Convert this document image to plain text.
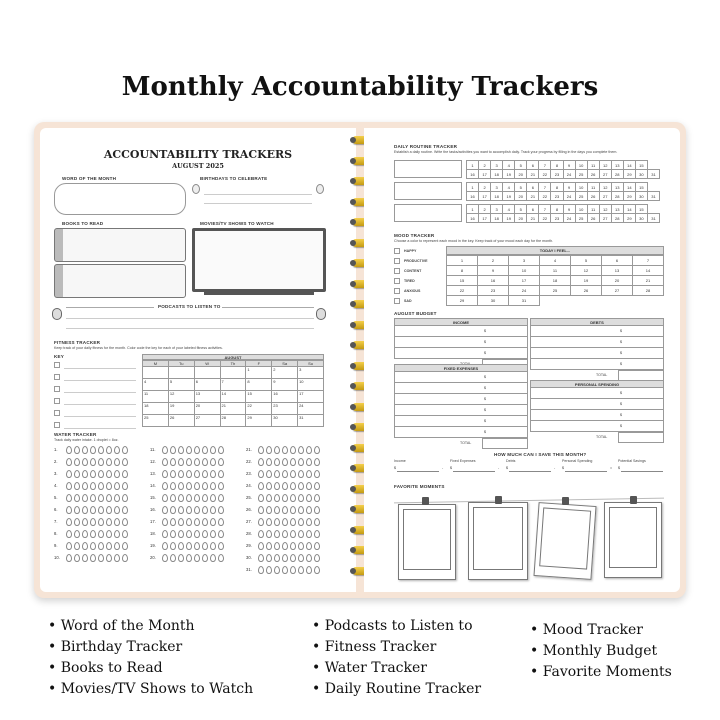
Monthly Accountability Trackers
ACCOUNTABILITY TRACKERS
AUGUST 2025
WORD OF THE MONTH	BIRTHDAYS TO CELEBRATE
BOOKS TO READ	MOVIES/TV SHOWS TO WATCH
PODCASTS TO LISTEN TO
FITNESS TRACKER
Keep track of your daily fitness for the month. Color code the key for each of your labeled fitness activities.
KEY	AUGUST
M	Tu	W	Th	F	Sa	Su
				1	2	3
4	5	6	7	8	9	10
11	12	13	14	15	16	17
18	19	20	21	22	23	24
25	26	27	28	29	30	31
WATER TRACKER
Track daily water intake. 1 droplet = 8oz.
1.
2.
3.
4.
5.
6.
7.
8.
9.
10.
11.
12.
13.
14.
15.
16.
17.
18.
19.
20.
21.
22.
23.
24.
25.
26.
27.
28.
29.
30.
31.
DAILY ROUTINE TRACKER
Establish a daily routine. Write the tasks/activities you want to accomplish daily. Track your progress by filling in the days you complete them.
1	2	3	4	5	6	7	8	9	10	11	12	13	14	15	
16	17	18	19	20	21	22	23	24	25	26	27	28	29	30	31
1	2	3	4	5	6	7	8	9	10	11	12	13	14	15	
16	17	18	19	20	21	22	23	24	25	26	27	28	29	30	31
1	2	3	4	5	6	7	8	9	10	11	12	13	14	15	
16	17	18	19	20	21	22	23	24	25	26	27	28	29	30	31
MOOD TRACKER
Choose a color to represent each mood in the key. Keep track of your mood each day for the month.
HAPPY
PRODUCTIVE
CONTENT
TIRED
ANXIOUS
SAD
TODAY I FEEL...
1	2	3	4	5	6	7
8	9	10	11	12	13	14
15	16	17	18	19	20	21
22	23	24	25	26	27	28
29	30	31				
AUGUST BUDGET
INCOME
$
$
$
DEBTS
$
$
$
$
TOTAL
FIXED EXPENSES
$
$
$
$
$
$
TOTAL
PERSONAL SPENDING
$
$
$
$
TOTAL
HOW MUCH CAN I SAVE THIS MONTH?
Income
$	-
Fixed Expenses
$	-
Debts
$	-
Personal Spending
$	=
Potential Savings
$
FAVORITE MOMENTS
• Word of the Month
• Birthday Tracker
• Books to Read
• Movies/TV Shows to Watch
• Podcasts to Listen to
• Fitness Tracker
• Water Tracker
• Daily Routine Tracker
• Mood Tracker
• Monthly Budget
• Favorite Moments
